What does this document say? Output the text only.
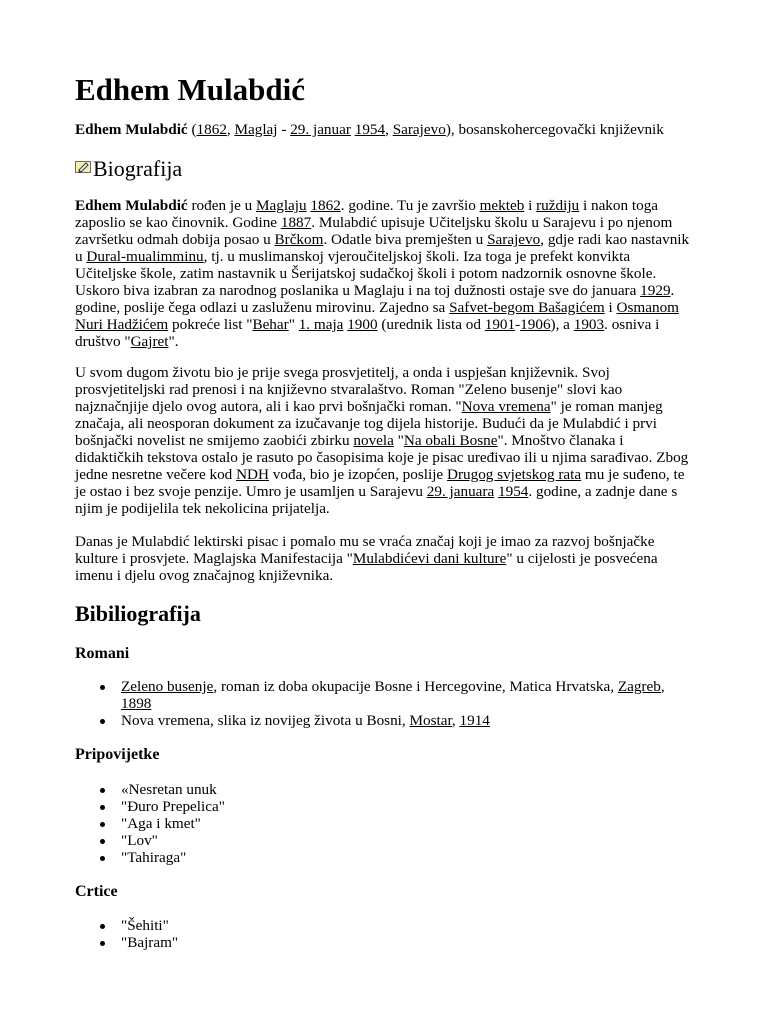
Edhem Mulabdić

Edhem Mulabdić (1862, Maglaj - 29. januar 1954, Sarajevo), bosanskohercegovački književnik

Biografija

Edhem Mulabdić rođen je u Maglaju 1862. godine. Tu je završio mekteb i ruždiju i nakon toga zaposlio se kao činovnik. Godine 1887. Mulabdić upisuje Učiteljsku školu u Sarajevu i po njenom završetku odmah dobija posao u Brčkom. Odatle biva premješten u Sarajevo, gdje radi kao nastavnik u Dural-mualimminu, tj. u muslimanskoj vjeroučiteljskoj školi. Iza toga je prefekt konvikta Učiteljske škole, zatim nastavnik u Šerijatskoj sudačkoj školi i potom nadzornik osnovne škole. Uskoro biva izabran za narodnog poslanika u Maglaju i na toj dužnosti ostaje sve do januara 1929. godine, poslije čega odlazi u zasluženu mirovinu. Zajedno sa Safvet-begom Bašagićem i Osmanom Nuri Hadžićem pokreće list "Behar" 1. maja 1900 (urednik lista od 1901-1906), a 1903. osniva i društvo "Gajret".

U svom dugom životu bio je prije svega prosvjetitelj, a onda i uspješan književnik. Svoj prosvjetiteljski rad prenosi i na književno stvaralaštvo. Roman "Zeleno busenje" slovi kao najznačnjije djelo ovog autora, ali i kao prvi bošnjački roman. "Nova vremena" je roman manjeg značaja, ali neosporan dokument za izučavanje tog dijela historije. Budući da je Mulabdić i prvi bošnjački novelist ne smijemo zaobići zbirku novela "Na obali Bosne". Mnoštvo članaka i didaktičkih tekstova ostalo je rasuto po časopisima koje je pisac uređivao ili u njima sarađivao. Zbog jedne nesretne večere kod NDH vođa, bio je izopćen, poslije Drugog svjetskog rata mu je suđeno, te je ostao i bez svoje penzije. Umro je usamljen u Sarajevu 29. januara 1954. godine, a zadnje dane s njim je podijelila tek nekolicina prijatelja.

Danas je Mulabdić lektirski pisac i pomalo mu se vraća značaj koji je imao za razvoj bošnjačke kulture i prosvjete. Maglajska Manifestacija "Mulabdićevi dani kulture" u cijelosti je posvećena imenu i djelu ovog značajnog književnika.

Bibiliografija
Romani
Zeleno busenje, roman iz doba okupacije Bosne i Hercegovine, Matica Hrvatska, Zagreb, 1898
Nova vremena, slika iz novijeg života u Bosni, Mostar, 1914
Pripovijetke
«Nesretan unuk
"Đuro Prepelica"
"Aga i kmet"
"Lov"
"Tahiraga"
Crtice
"Šehiti"
"Bajram"
